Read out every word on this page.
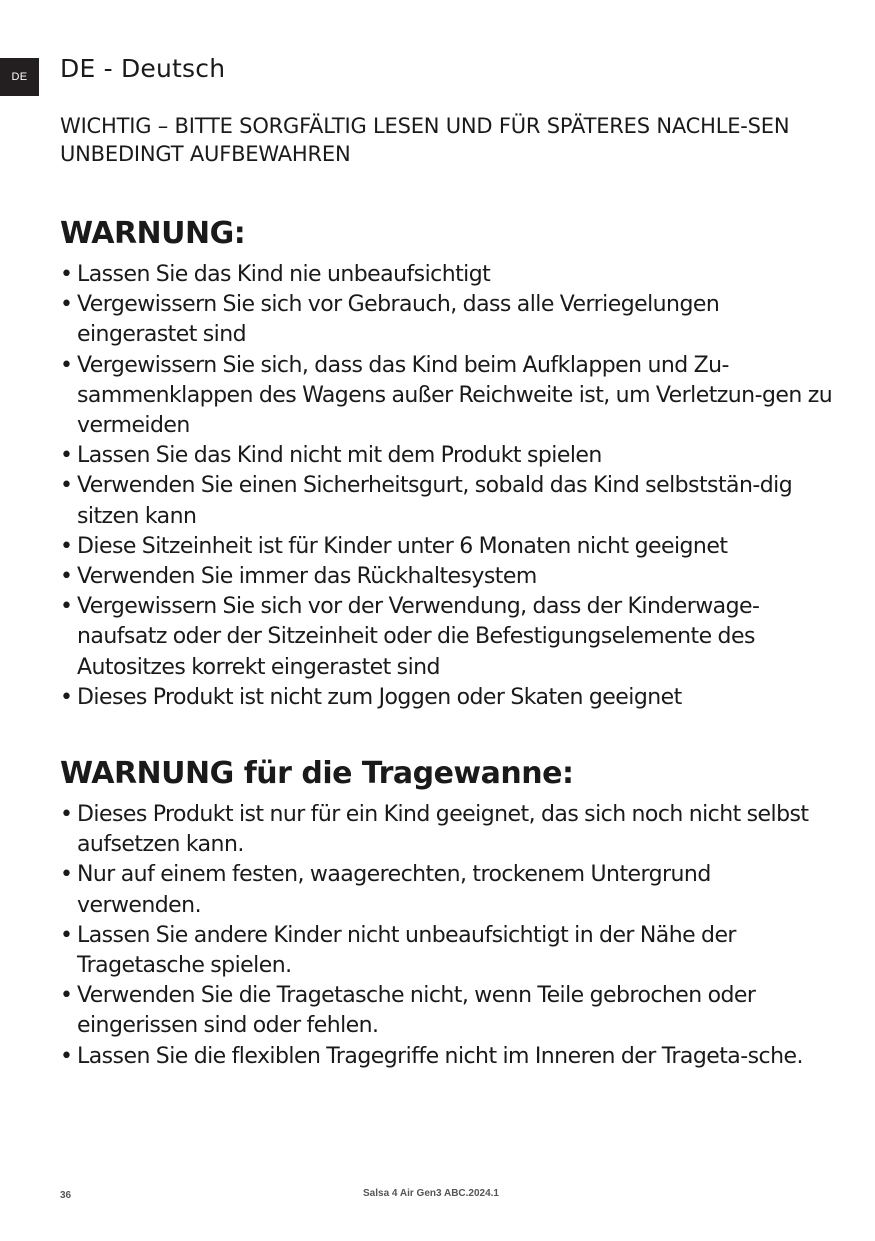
DE	DE - Deutsch
WICHTIG – BITTE SORGFÄLTIG LESEN UND FÜR SPÄTERES NACHLE-SEN UNBEDINGT AUFBEWAHREN
WARNUNG:
• Lassen Sie das Kind nie unbeaufsichtigt
• Vergewissern Sie sich vor Gebrauch, dass alle Verriegelungen eingerastet sind
• Vergewissern Sie sich, dass das Kind beim Aufklappen und Zu-sammenklappen des Wagens außer Reichweite ist, um Verletzun-gen zu vermeiden
• Lassen Sie das Kind nicht mit dem Produkt spielen
• Verwenden Sie einen Sicherheitsgurt, sobald das Kind selbststän-dig sitzen kann
• Diese Sitzeinheit ist für Kinder unter 6 Monaten nicht geeignet
• Verwenden Sie immer das Rückhaltesystem
• Vergewissern Sie sich vor der Verwendung, dass der Kinderwage-naufsatz oder der Sitzeinheit oder die Befestigungselemente des Autositzes korrekt eingerastet sind
• Dieses Produkt ist nicht zum Joggen oder Skaten geeignet
WARNUNG für die Tragewanne:
• Dieses Produkt ist nur für ein Kind geeignet, das sich noch nicht selbst aufsetzen kann.
• Nur auf einem festen, waagerechten, trockenem Untergrund verwenden.
• Lassen Sie andere Kinder nicht unbeaufsichtigt in der Nähe der Tragetasche spielen.
• Verwenden Sie die Tragetasche nicht, wenn Teile gebrochen oder eingerissen sind oder fehlen.
• Lassen Sie die flexiblen Tragegriffe nicht im Inneren der Trageta-sche.
36	Salsa 4 Air Gen3 ABC.2024.1
